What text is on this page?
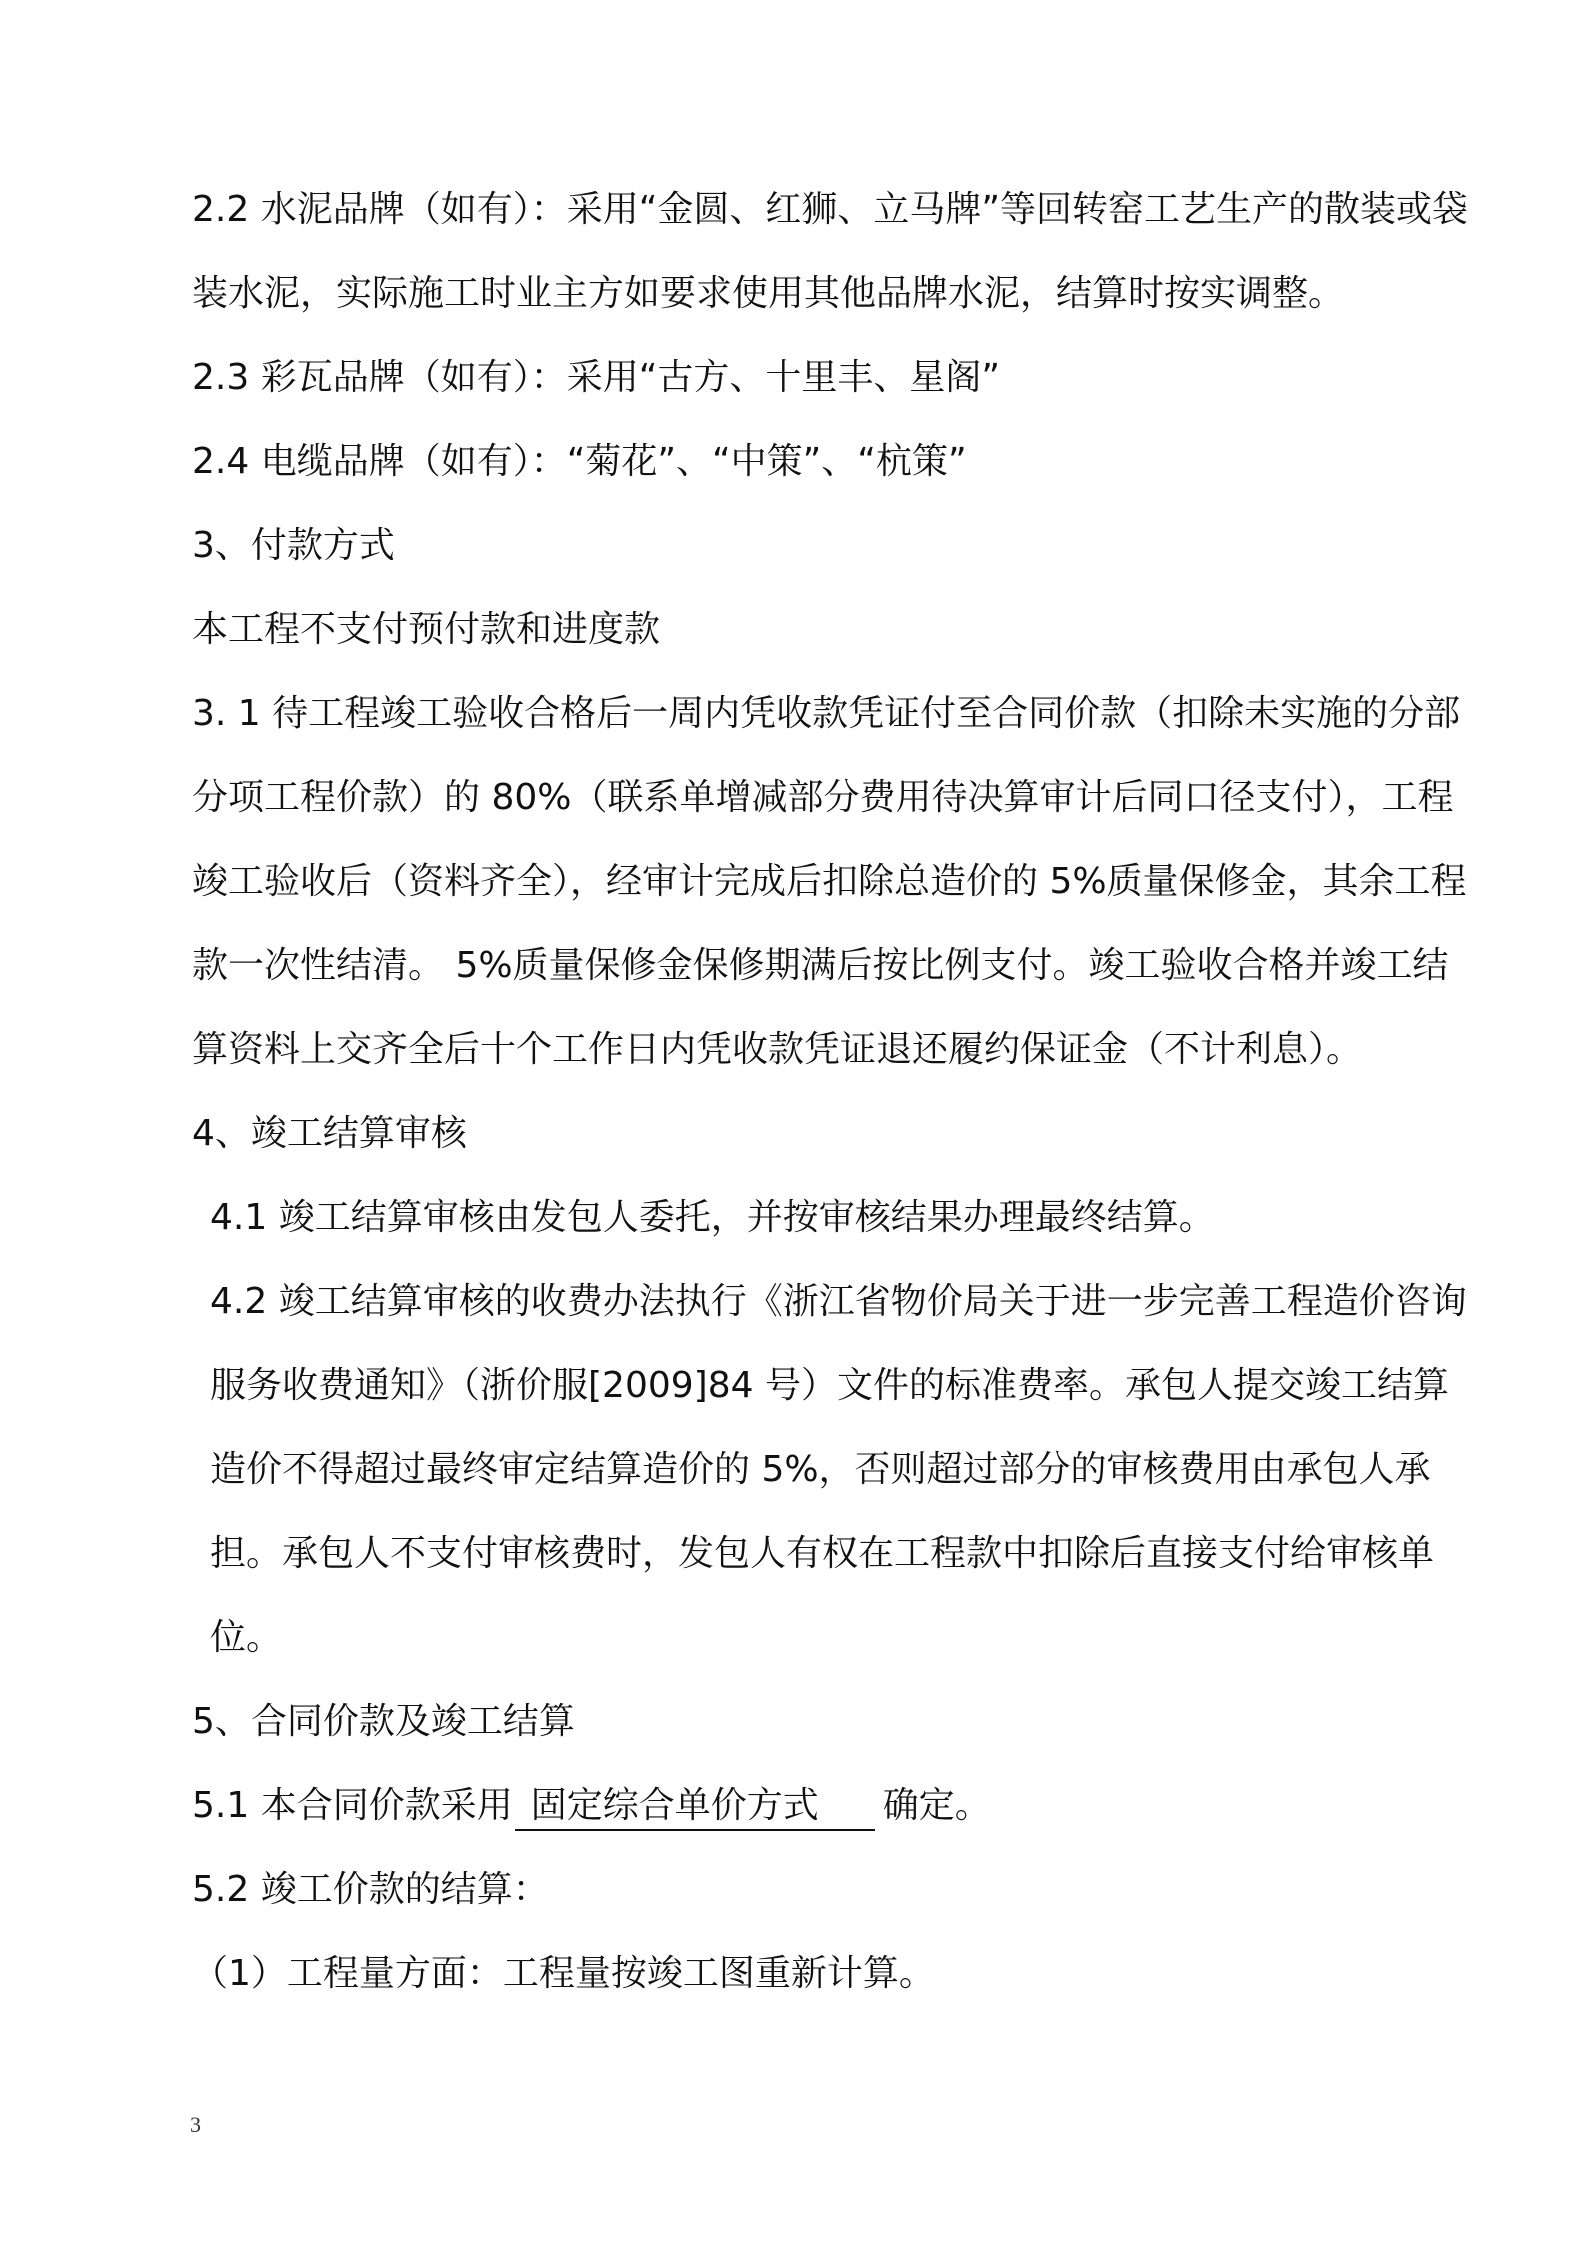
2.2 水泥品牌（如有）：采用“金圆、红狮、立马牌”等回转窑工艺生产的散装或袋装水泥，实际施工时业主方如要求使用其他品牌水泥，结算时按实调整。

2.3 彩瓦品牌（如有）：采用“古方、十里丰、星阁”

2.4 电缆品牌（如有）：“菊花”、“中策”、“杭策”

3、付款方式

本工程不支付预付款和进度款

3. 1 待工程竣工验收合格后一周内凭收款凭证付至合同价款（扣除未实施的分部分项工程价款）的 80%（联系单增减部分费用待决算审计后同口径支付），工程竣工验收后（资料齐全），经审计完成后扣除总造价的 5%质量保修金，其余工程款一次性结清。 5%质量保修金保修期满后按比例支付。竣工验收合格并竣工结算资料上交齐全后十个工作日内凭收款凭证退还履约保证金（不计利息）。

4、竣工结算审核

4.1 竣工结算审核由发包人委托，并按审核结果办理最终结算。

4.2 竣工结算审核的收费办法执行《浙江省物价局关于进一步完善工程造价咨询服务收费通知》（浙价服[2009]84 号）文件的标准费率。承包人提交竣工结算造价不得超过最终审定结算造价的 5%，否则超过部分的审核费用由承包人承担。承包人不支付审核费时，发包人有权在工程款中扣除后直接支付给审核单位。

5、合同价款及竣工结算

5.1 本合同价款采用 固定综合单价方式 确定。

5.2 竣工价款的结算：

（1）工程量方面：工程量按竣工图重新计算。

3
